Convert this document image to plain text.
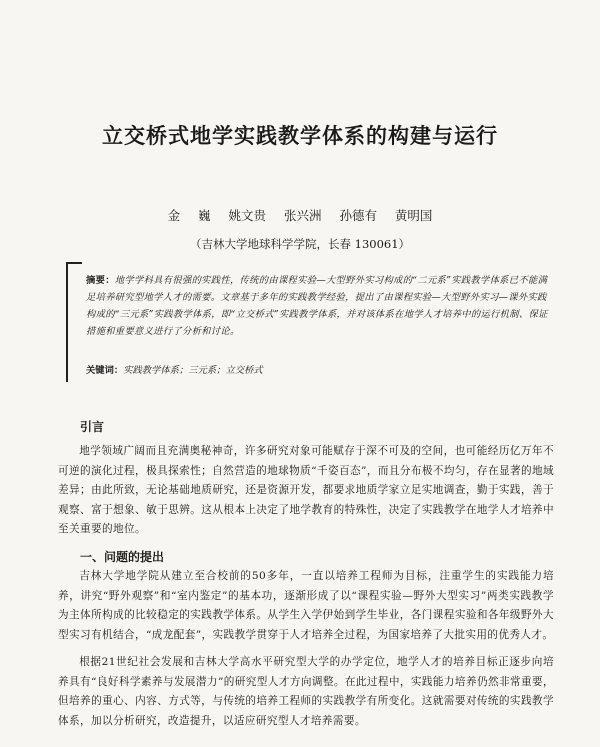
立交桥式地学实践教学体系的构建与运行
金 巍 姚文贵 张兴洲 孙德有 黄明国
（吉林大学地球科学学院，长春 130061）
摘要：地学学科具有很强的实践性，传统的由课程实验—大型野外实习构成的“二元系”实践教学体系已不能满足培养研究型地学人才的需要。文章基于多年的实践教学经验，提出了由课程实验—大型野外实习—课外实践构成的“三元系”实践教学体系，即“立交桥式”实践教学体系，并对该体系在地学人才培养中的运行机制、保证措施和重要意义进行了分析和讨论。
关键词：实践教学体系；三元系；立交桥式
引言
地学领域广阔而且充满奥秘神奇，许多研究对象可能赋存于深不可及的空间，也可能经历亿万年不可逆的演化过程，极具探索性；自然营造的地球物质“千姿百态”，而且分布极不均匀，存在显著的地域差异；由此所致，无论基础地质研究，还是资源开发，都要求地质学家立足实地调查，勤于实践，善于观察、富于想象、敏于思辨。这从根本上决定了地学教育的特殊性，决定了实践教学在地学人才培养中至关重要的地位。
一、问题的提出
吉林大学地学院从建立至合校前的50多年，一直以培养工程师为目标，注重学生的实践能力培养，讲究“野外观察”和“室内鉴定”的基本功，逐渐形成了以“课程实验—野外大型实习”两类实践教学为主体所构成的比较稳定的实践教学体系。从学生入学伊始到学生毕业，各门课程实验和各年级野外大型实习有机结合，“成龙配套”，实践教学贯穿于人才培养全过程，为国家培养了大批实用的优秀人才。
根据21世纪社会发展和吉林大学高水平研究型大学的办学定位，地学人才的培养目标正逐步向培养具有“良好科学素养与发展潜力”的研究型人才方向调整。在此过程中，实践能力培养仍然非常重要，但培养的重心、内容、方式等，与传统的培养工程师的实践教学有所变化。这就需要对传统的实践教学体系，加以分析研究，改造提升，以适应研究型人才培养需要。
